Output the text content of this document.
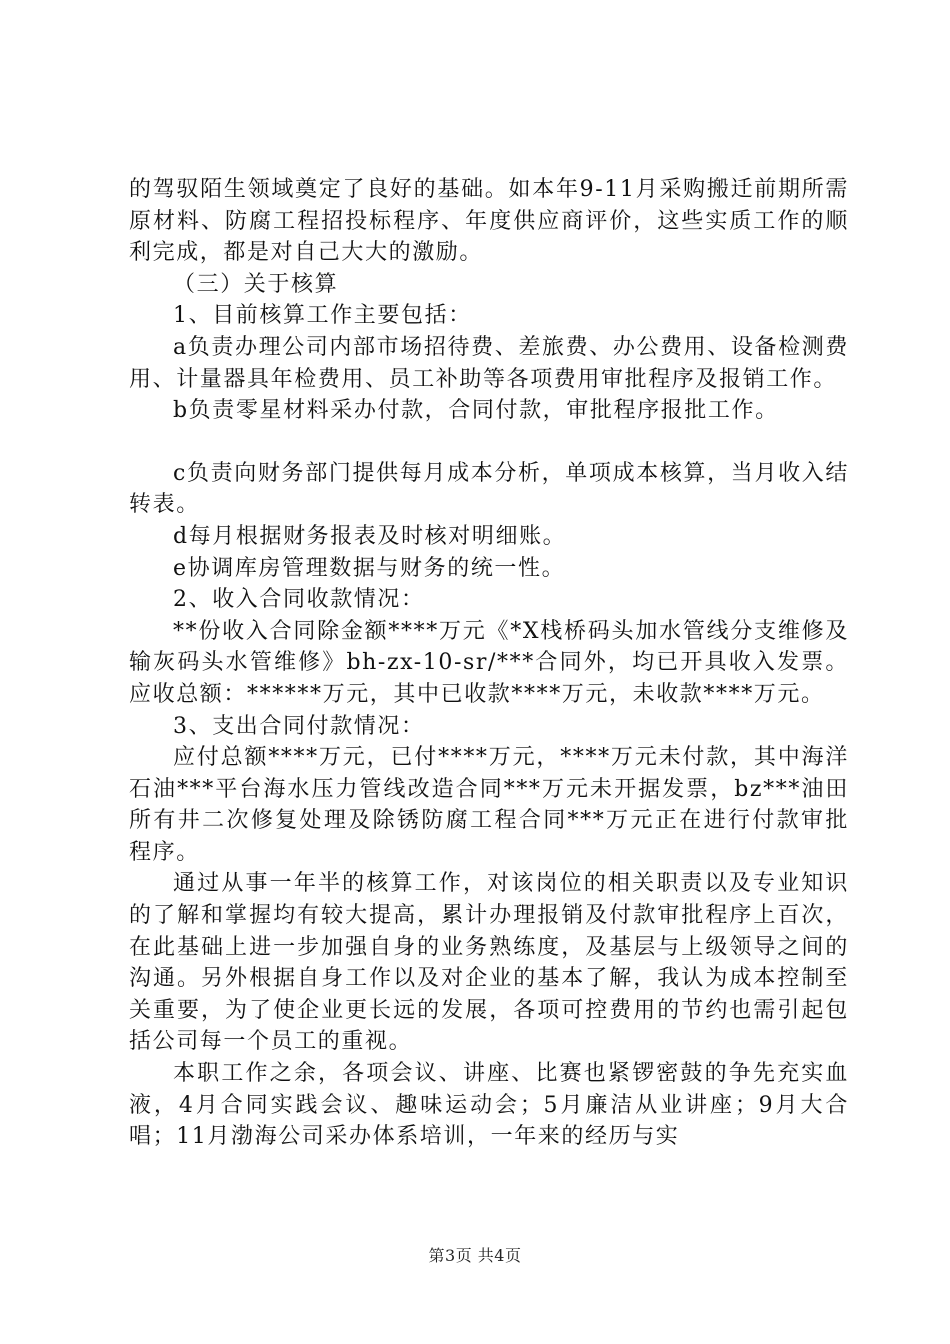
的驾驭陌生领域奠定了良好的基础。如本年9-11月采购搬迁前期所需原材料、防腐工程招投标程序、年度供应商评价，这些实质工作的顺利完成，都是对自己大大的激励。

（三）关于核算

1、目前核算工作主要包括：

a负责办理公司内部市场招待费、差旅费、办公费用、设备检测费用、计量器具年检费用、员工补助等各项费用审批程序及报销工作。

b负责零星材料采办付款，合同付款，审批程序报批工作。

c负责向财务部门提供每月成本分析，单项成本核算，当月收入结转表。

d每月根据财务报表及时核对明细账。

e协调库房管理数据与财务的统一性。

2、收入合同收款情况：

**份收入合同除金额****万元《*X栈桥码头加水管线分支维修及输灰码头水管维修》bh-zx-10-sr/***合同外，均已开具收入发票。应收总额：******万元，其中已收款****万元，未收款****万元。

3、支出合同付款情况：

应付总额****万元，已付****万元，****万元未付款，其中海洋石油***平台海水压力管线改造合同***万元未开据发票，bz***油田所有井二次修复处理及除锈防腐工程合同***万元正在进行付款审批程序。

通过从事一年半的核算工作，对该岗位的相关职责以及专业知识的了解和掌握均有较大提高，累计办理报销及付款审批程序上百次，在此基础上进一步加强自身的业务熟练度，及基层与上级领导之间的沟通。另外根据自身工作以及对企业的基本了解，我认为成本控制至关重要，为了使企业更长远的发展，各项可控费用的节约也需引起包括公司每一个员工的重视。

本职工作之余，各项会议、讲座、比赛也紧锣密鼓的争先充实血液，4月合同实践会议、趣味运动会；5月廉洁从业讲座；9月大合唱；11月渤海公司采办体系培训，一年来的经历与实

第3页 共4页
